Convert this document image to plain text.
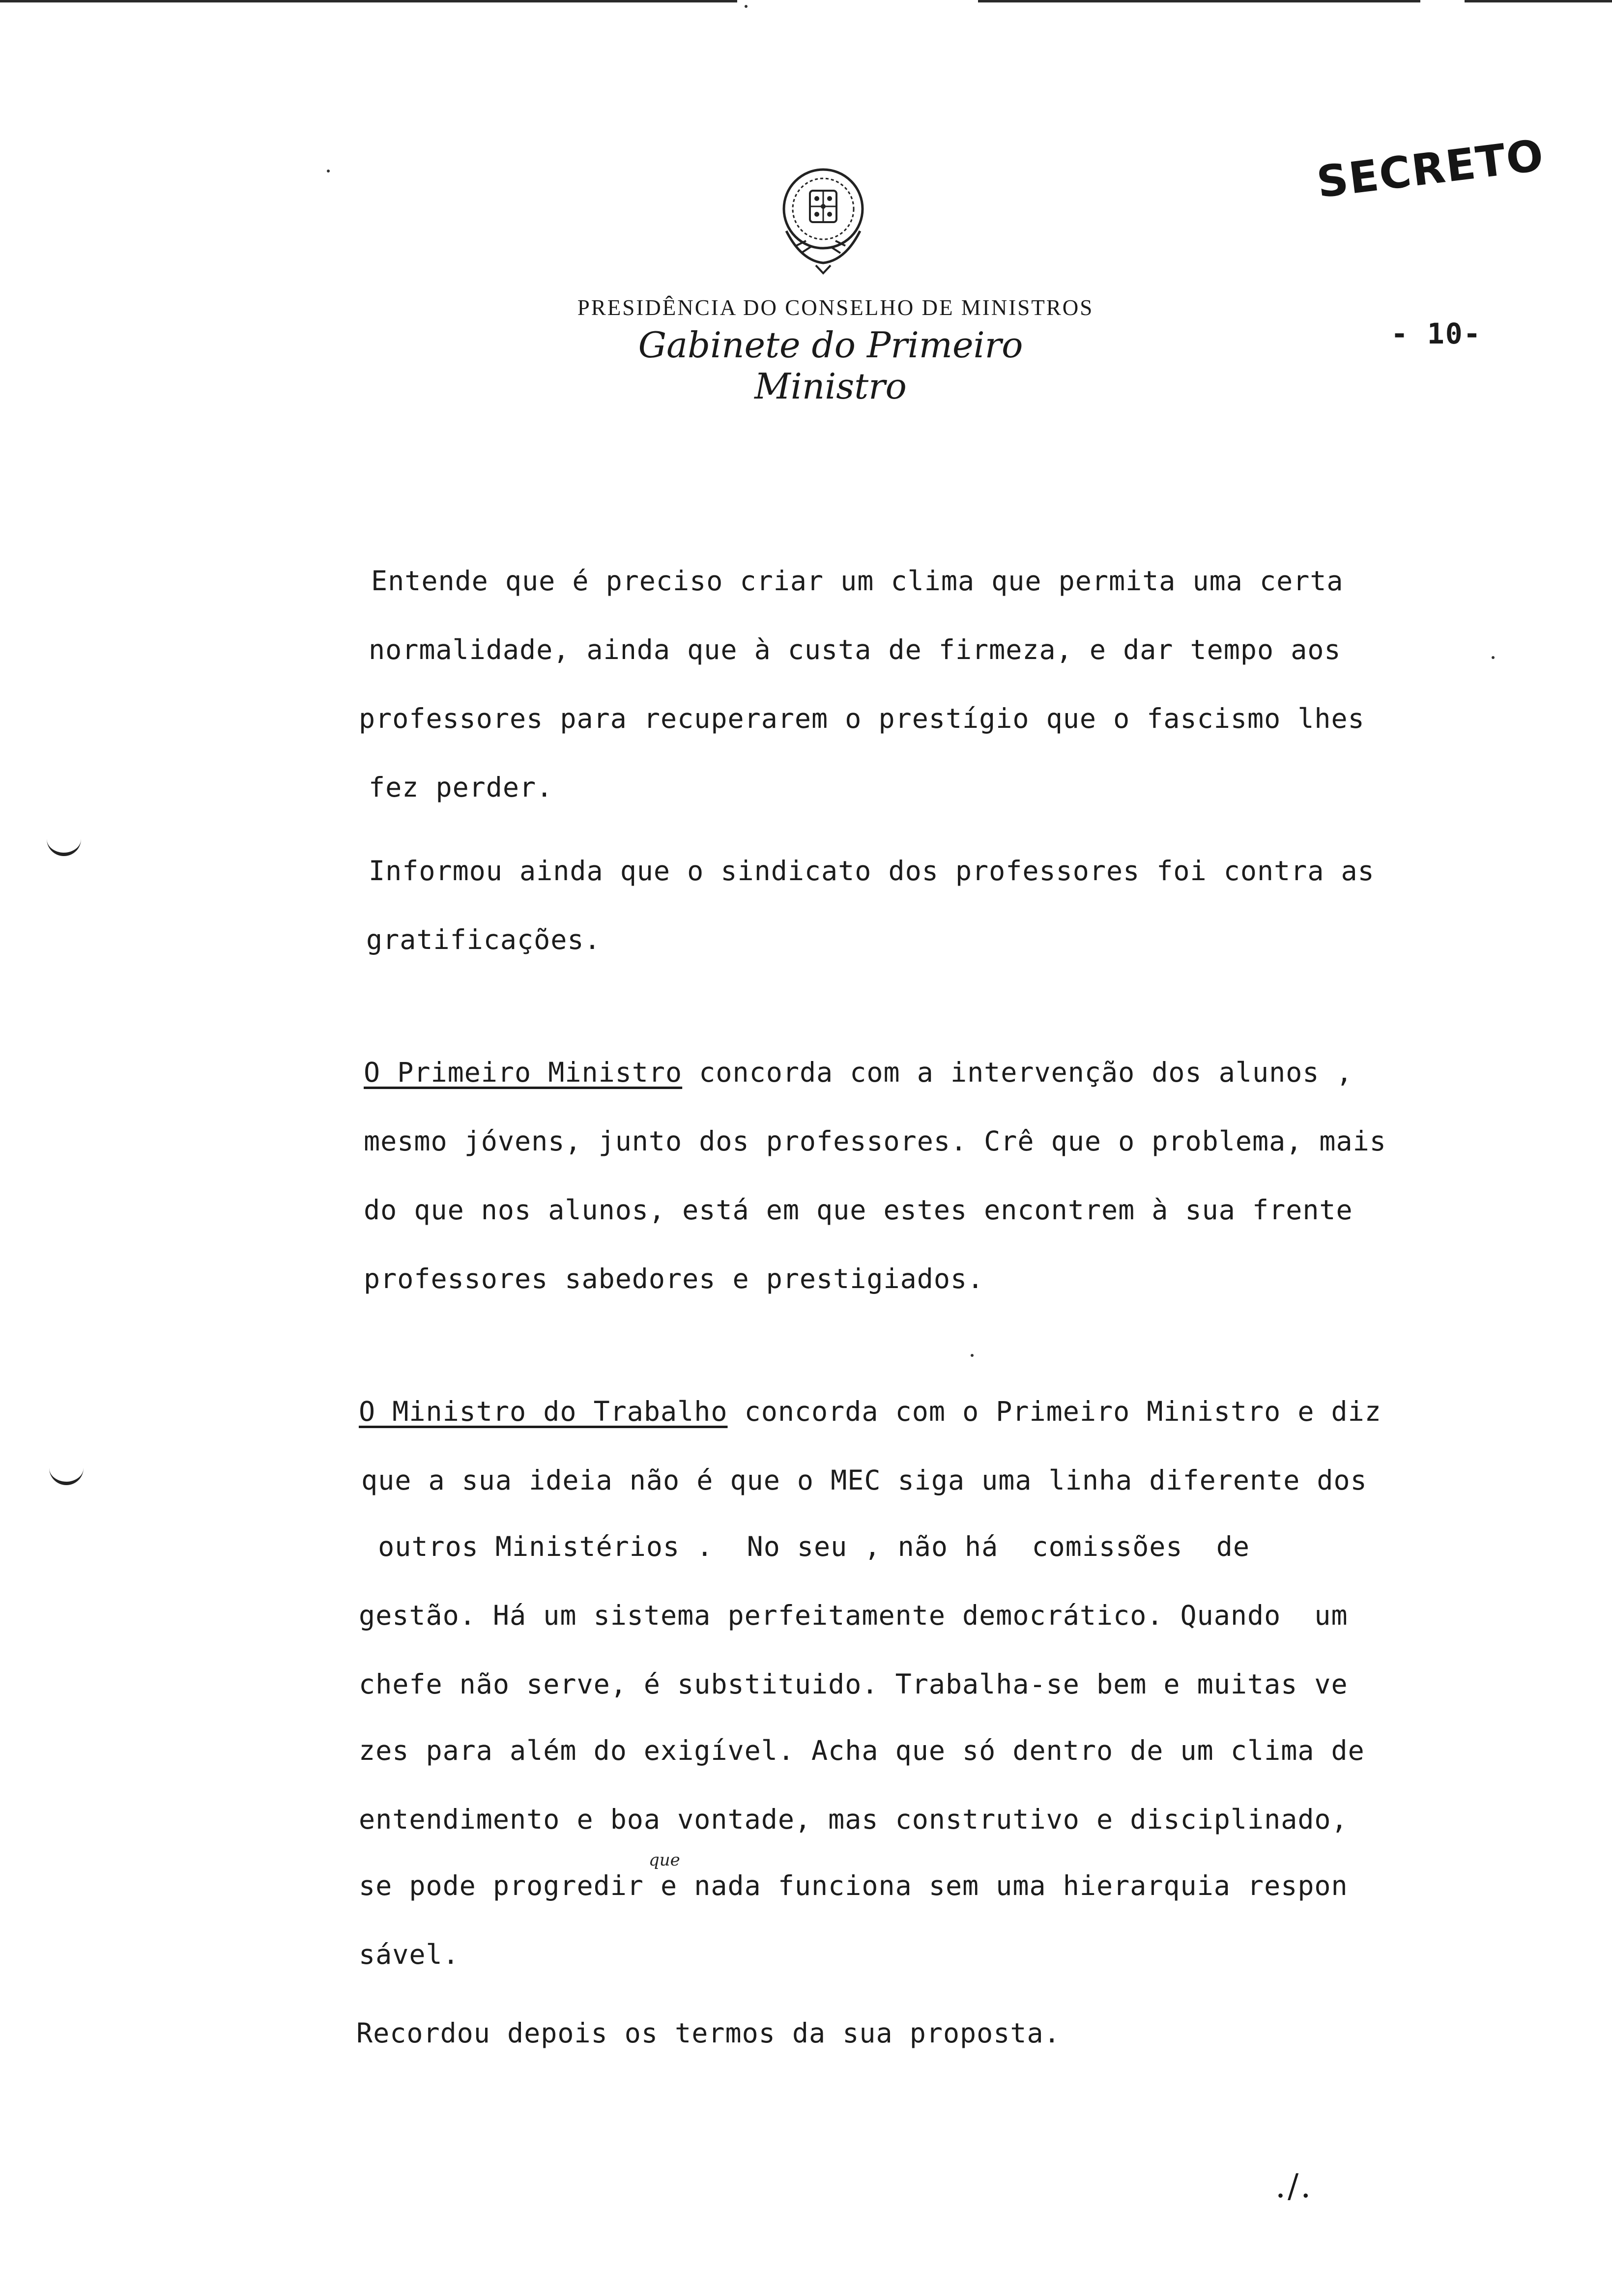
SECRETO
PRESIDÊNCIA DO CONSELHO DE MINISTROS
Gabinete do Primeiro Ministro
- 10-
Entende que é preciso criar um clima que permita uma certa
normalidade, ainda que à custa de firmeza, e dar tempo aos
professores para recuperarem o prestígio que o fascismo lhes
fez perder.
Informou ainda que o sindicato dos professores foi contra as
gratificações.
O Primeiro Ministro concorda com a intervenção dos alunos ,
mesmo jóvens, junto dos professores. Crê que o problema, mais
do que nos alunos, está em que estes encontrem à sua frente
professores sabedores e prestigiados.
O Ministro do Trabalho concorda com o Primeiro Ministro e diz
que a sua ideia não é que o MEC siga uma linha diferente dos
outros Ministérios .  No seu , não há  comissões  de
gestão. Há um sistema perfeitamente democrático. Quando  um
chefe não serve, é substituido. Trabalha-se bem e muitas ve
zes para além do exigível. Acha que só dentro de um clima de
entendimento e boa vontade, mas construtivo e disciplinado,
que
se pode progredir e nada funciona sem uma hierarquia respon
sável.
Recordou depois os termos da sua proposta.
./.
